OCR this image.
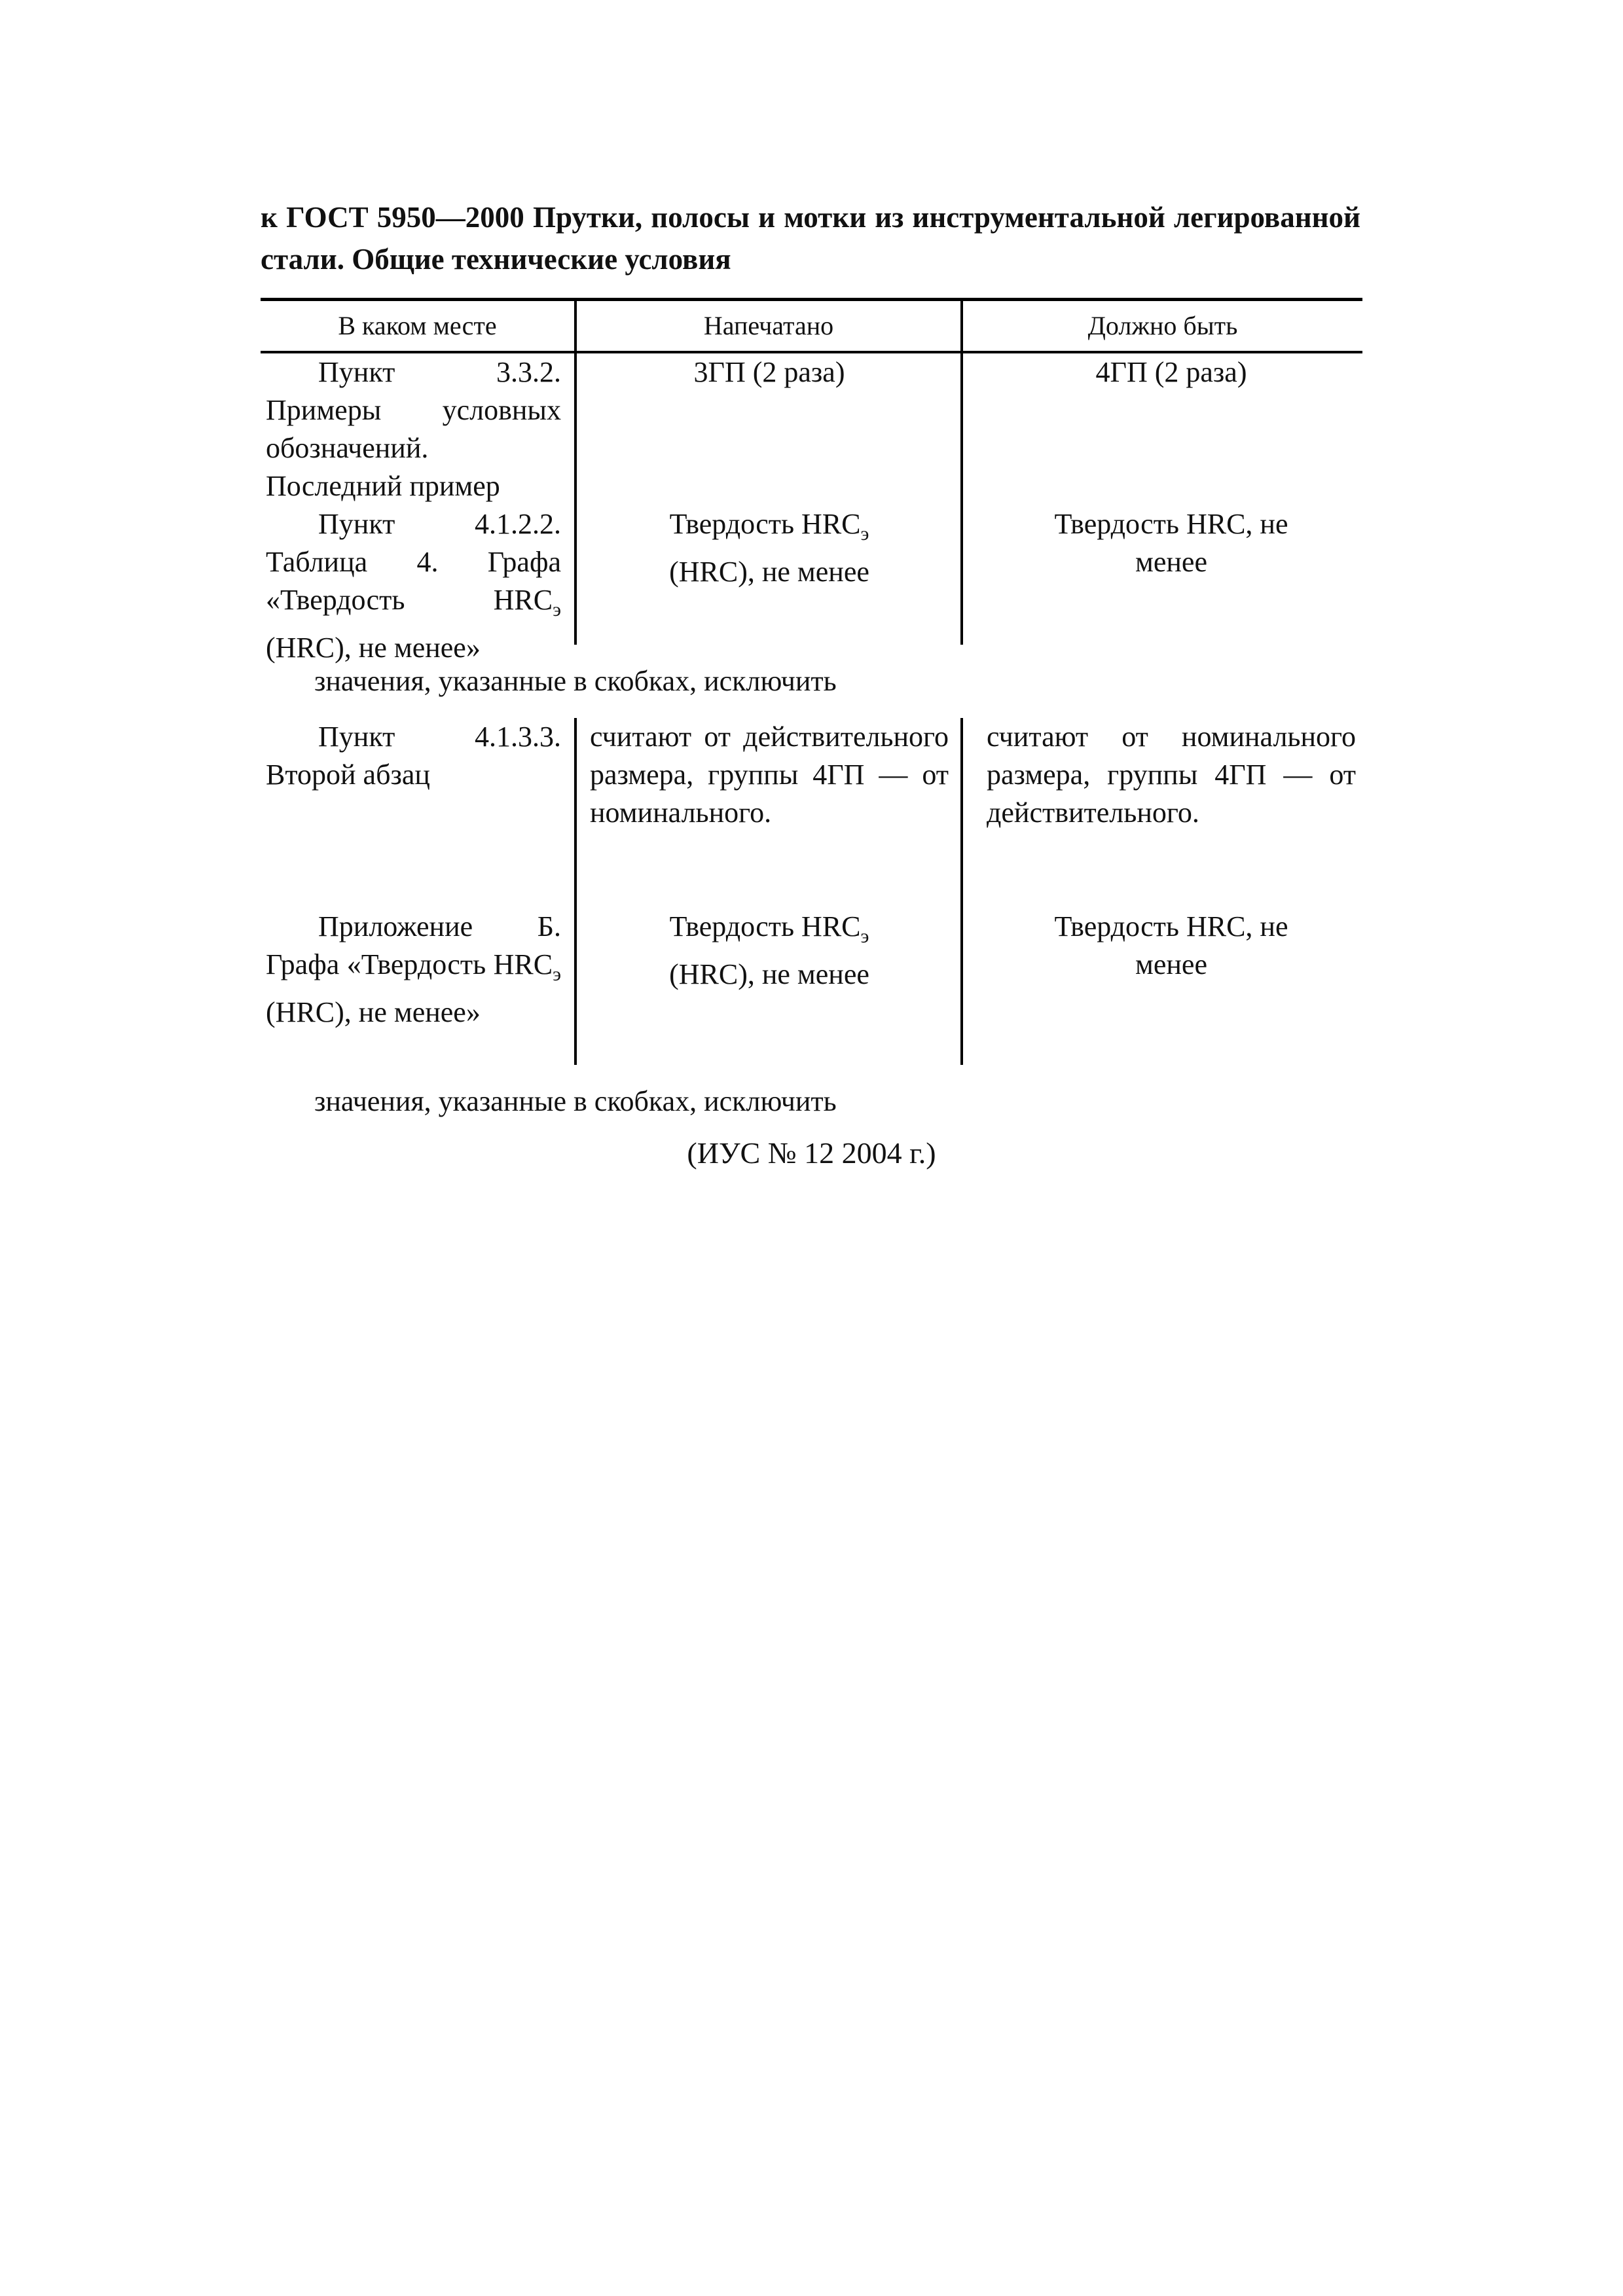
к ГОСТ 5950—2000 Прутки, полосы и мотки из инструментальной легированной стали. Общие технические условия
В каком месте	Напечатано	Должно быть

Пункт 3.3.2. Примеры условных обозначений. Последний пример

Пункт 4.1.2.2. Таблица 4. Графа «Твердость $HRC_э$ (HRC), не менее»

3ГП (2 раза)

Твердость $HRC_э$ (HRC), не менее

4ГП (2 раза)

Твердость HRC, не менее

значения, указанные в скобках, исключить

Пункт 4.1.3.3. Второй абзац

Приложение Б. Графа «Твердость $HRC_э$ (HRC), не менее»

считают от действительного размера, группы 4ГП — от номинального.

Твердость $HRC_э$ (HRC), не менее

считают от номинального размера, группы 4ГП — от действительного.

Твердость HRC, не менее

значения, указанные в скобках, исключить
(ИУС № 12 2004 г.)
